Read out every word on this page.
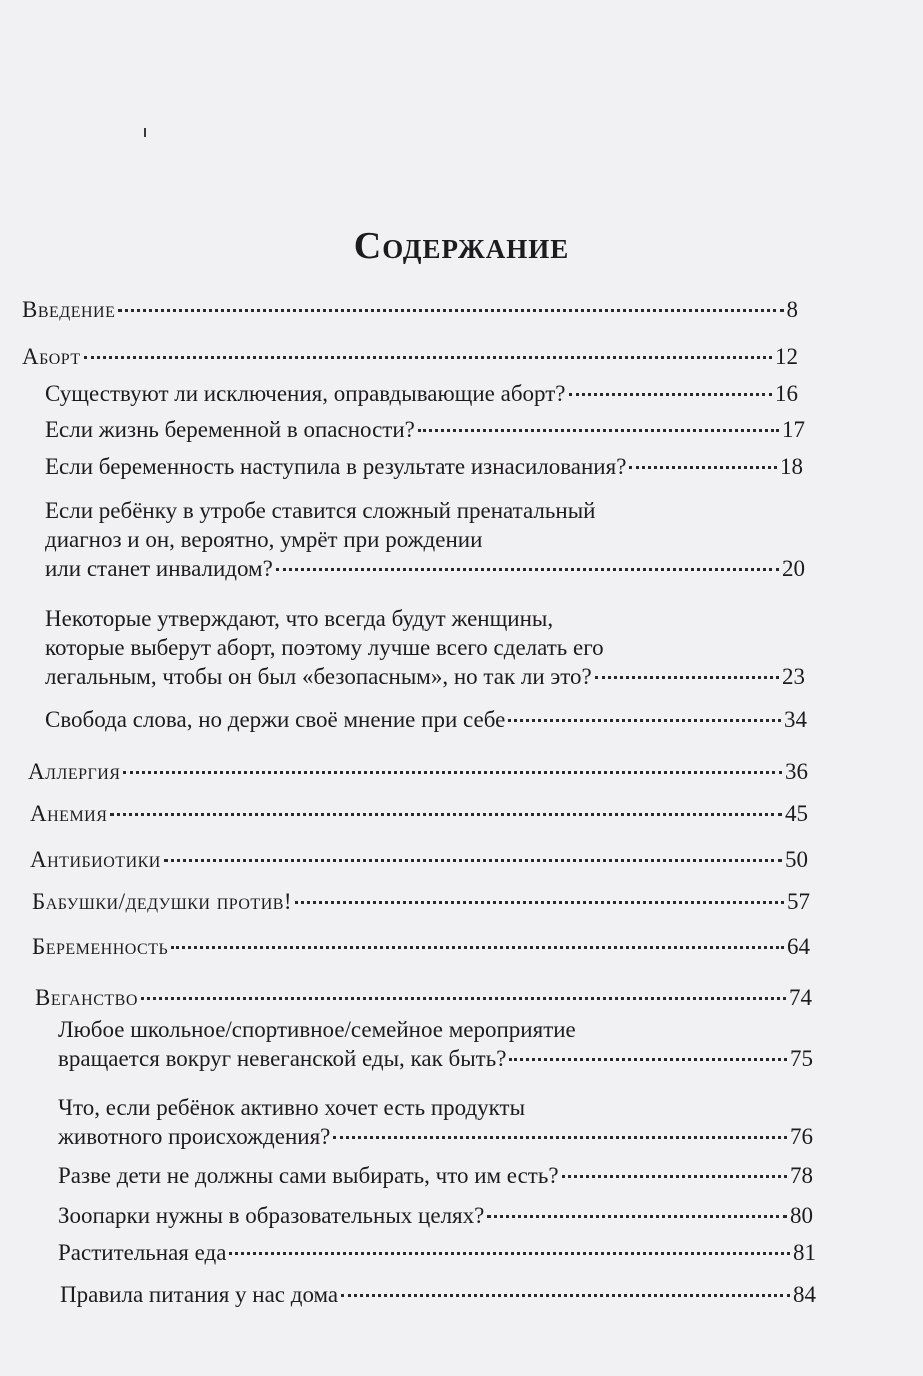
Содержание
Введение	8
Аборт	12
Существуют ли исключения, оправдывающие аборт?	16
Если жизнь беременной в опасности?	17
Если беременность наступила в результате изнасилования?	18
Если ребёнку в утробе ставится сложный пренатальный
диагноз и он, вероятно, умрёт при рождении
или станет инвалидом?	20
Некоторые утверждают, что всегда будут женщины,
которые выберут аборт, поэтому лучше всего сделать его
легальным, чтобы он был «безопасным», но так ли это?	23
Свобода слова, но держи своё мнение при себе	34
Аллергия	36
Анемия	45
Антибиотики	50
Бабушки/дедушки против!	57
Беременность	64
Веганство	74
Любое школьное/спортивное/семейное мероприятие
вращается вокруг невеганской еды, как быть?	75
Что, если ребёнок активно хочет есть продукты
животного происхождения?	76
Разве дети не должны сами выбирать, что им есть?	78
Зоопарки нужны в образовательных целях?	80
Растительная еда	81
Правила питания у нас дома	84
